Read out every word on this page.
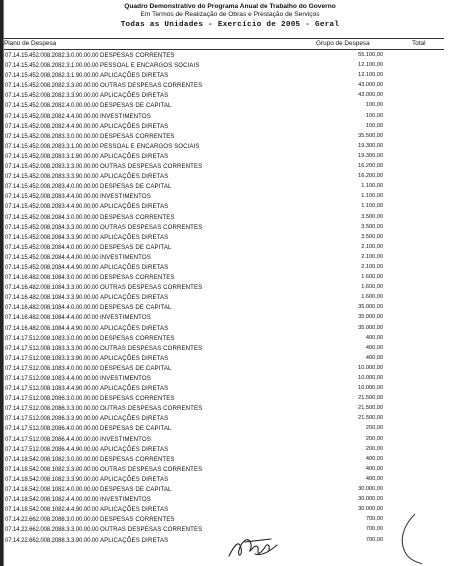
Quadro Demonstrativo do Programa Anual de Trabalho do Governo
Em Termos de Realização de Obras e Prestação de Serviços
Todas as Unidades - Exercício de 2005 - Geral
Plano de Despesa	Grupo de Despesa	Total
07.14.15.452.008.2082.3.0.00.00.00 DESPESAS CORRENTES	55.100,00
07.14.15.452.008.2082.3.1.00.00.00 PESSOAL E ENCARGOS SOCIAIS	12.100,00
07.14.15.452.008.2082.3.1.90.00.00 APLICAÇÕES DIRETAS	12.100,00
07.14.15.452.008.2082.3.3.00.00.00 OUTRAS DESPESAS CORRENTES	43.000,00
07.14.15.452.008.2082.3.3.90.00.00 APLICAÇÕES DIRETAS	43.000,00
07.14.15.452.008.2082.4.0.00.00.00 DESPESAS DE CAPITAL	100,00
07.14.15.452.008.2082.4.4.00.00.00 INVESTIMENTOS	100,00
07.14.15.452.008.2082.4.4.90.00.00 APLICAÇÕES DIRETAS	100,00
07.14.15.452.008.2083.3.0.00.00.00 DESPESAS CORRENTES	35.500,00
07.14.15.452.008.2083.3.1.00.00.00 PESSOAL E ENCARGOS SOCIAIS	19.300,00
07.14.15.452.008.2083.3.1.90.00.00 APLICAÇÕES DIRETAS	19.300,00
07.14.15.452.008.2083.3.3.00.00.00 OUTRAS DESPESAS CORRENTES	16.200,00
07.14.15.452.008.2083.3.3.90.00.00 APLICAÇÕES DIRETAS	16.200,00
07.14.15.452.008.2083.4.0.00.00.00 DESPESAS DE CAPITAL	1.100,00
07.14.15.452.008.2083.4.4.00.00.00 INVESTIMENTOS	1.100,00
07.14.15.452.008.2083.4.4.90.00.00 APLICAÇÕES DIRETAS	1.100,00
07.14.15.452.008.2084.3.0.00.00.00 DESPESAS CORRENTES	3.500,00
07.14.15.452.008.2084.3.3.00.00.00 OUTRAS DESPESAS CORRENTES	3.500,00
07.14.15.452.008.2084.3.3.90.00.00 APLICAÇÕES DIRETAS	3.500,00
07.14.15.452.008.2084.4.0.00.00.00 DESPESAS DE CAPITAL	2.100,00
07.14.15.452.008.2084.4.4.00.00.00 INVESTIMENTOS	2.100,00
07.14.15.452.008.2084.4.4.90.00.00 APLICAÇÕES DIRETAS	2.100,00
07.14.16.482.008.1084.3.0.00.00.00 DESPESAS CORRENTES	1.600,00
07.14.16.482.008.1084.3.3.00.00.00 OUTRAS DESPESAS CORRENTES	1.600,00
07.14.16.482.008.1084.3.3.90.00.00 APLICAÇÕES DIRETAS	1.600,00
07.14.16.482.008.1084.4.0.00.00.00 DESPESAS DE CAPITAL	35.000,00
07.14.16.482.008.1084.4.4.00.00.00 INVESTIMENTOS	35.000,00
07.14.16.482.008.1084.4.4.90.00.00 APLICAÇÕES DIRETAS	35.000,00
07.14.17.512.008.1083.3.0.00.00.00 DESPESAS CORRENTES	400,00
07.14.17.512.008.1083.3.3.00.00.00 OUTRAS DESPESAS CORRENTES	400,00
07.14.17.512.008.1083.3.3.90.00.00 APLICAÇÕES DIRETAS	400,00
07.14.17.512.008.1083.4.0.00.00.00 DESPESAS DE CAPITAL	10.000,00
07.14.17.512.008.1083.4.4.00.00.00 INVESTIMENTOS	10.000,00
07.14.17.512.008.1083.4.4.90.00.00 APLICAÇÕES DIRETAS	10.000,00
07.14.17.512.008.2086.3.0.00.00.00 DESPESAS CORRENTES	21.500,00
07.14.17.512.008.2086.3.3.00.00.00 OUTRAS DESPESAS CORRENTES	21.500,00
07.14.17.512.008.2086.3.3.90.00.00 APLICAÇÕES DIRETAS	21.500,00
07.14.17.512.008.2086.4.0.00.00.00 DESPESAS DE CAPITAL	200,00
07.14.17.512.008.2086.4.4.00.00.00 INVESTIMENTOS	200,00
07.14.17.512.008.2086.4.4.90.00.00 APLICAÇÕES DIRETAS	200,00
07.14.18.542.008.1082.3.0.00.00.00 DESPESAS CORRENTES	400,00
07.14.18.542.008.1082.3.3.00.00.00 OUTRAS DESPESAS CORRENTES	400,00
07.14.18.542.008.1082.3.3.90.00.00 APLICAÇÕES DIRETAS	400,00
07.14.18.542.008.1082.4.0.00.00.00 DESPESAS DE CAPITAL	30.000,00
07.14.18.542.008.1082.4.4.00.00.00 INVESTIMENTOS	30.000,00
07.14.18.542.008.1082.4.4.90.00.00 APLICAÇÕES DIRETAS	30.000,00
07.14.22.662.008.2088.3.0.00.00.00 DESPESAS CORRENTES	700,00
07.14.22.662.008.2088.3.3.00.00.00 OUTRAS DESPESAS CORRENTES	700,00
07.14.22.662.008.2088.3.3.90.00.00 APLICAÇÕES DIRETAS	700,00
